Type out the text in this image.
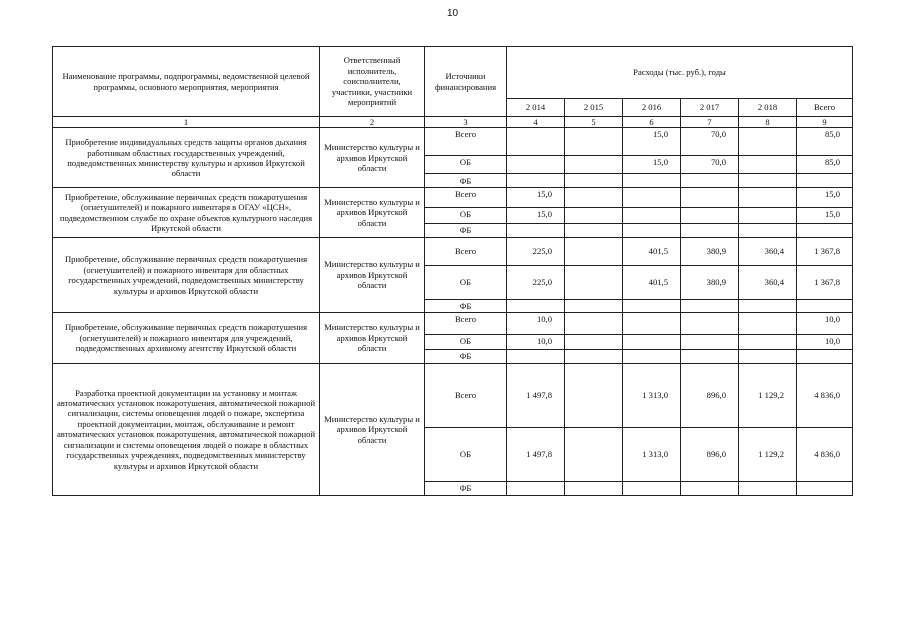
10
Наименование программы, подпрограммы, ведомственной целевой программы, основного мероприятия, мероприятия	Ответственный исполнитель, соисполнители, участники, участники мероприятий	Источники финансирования	Расходы (тыс. руб.), годы					
			2 014	2 015	2 016	2 017	2 018	Всего
1	2	3	4	5	6	7	8	9
Приобретение индивидуальных средств защиты органов дыхания работникам областных государственных учреждений, подведомственных министерству культуры и архивов Иркутской области	Министерство культуры и архивов Иркутской области	Всего			15,0	70,0		85,0
		ОБ			15,0	70,0		85,0
		ФБ						
Приобретение, обслуживание первичных средств пожаротушения (огнетушителей) и пожарного инвентаря в ОГАУ «ЦСН», подведомственном службе по охране объектов культурного наследия Иркутской области	Министерство культуры и архивов Иркутской области	Всего	15,0					15,0
		ОБ	15,0					15,0
		ФБ						
Приобретение, обслуживание первичных средств пожаротушения (огнетушителей) и пожарного инвентаря для областных государственных учреждений, подведомственных министерству культуры и архивов Иркутской области	Министерство культуры и архивов Иркутской области	Всего	225,0		401,5	380,9	360,4	1 367,8
		ОБ	225,0		401,5	380,9	360,4	1 367,8
		ФБ						
Приобретение, обслуживание первичных средств пожаротушения (огнетушителей) и пожарного инвентаря для учреждений, подведомственных архивному агентству Иркутской области	Министерство культуры и архивов Иркутской области	Всего	10,0					10,0
		ОБ	10,0					10,0
		ФБ						
Разработка проектной документации на установку и монтаж автоматических установок пожаротушения, автоматической пожарной сигнализации, системы оповещения людей о пожаре, экспертиза проектной документации, монтаж, обслуживание и ремонт автоматических установок пожаротушения, автоматической пожарной сигнализации и системы оповещения людей о пожаре в областных государственных учреждениях, подведомственных министерству культуры и архивов Иркутской области	Министерство культуры и архивов Иркутской области	Всего	1 497,8		1 313,0	896,0	1 129,2	4 836,0
		ОБ	1 497,8		1 313,0	896,0	1 129,2	4 836,0
		ФБ						
